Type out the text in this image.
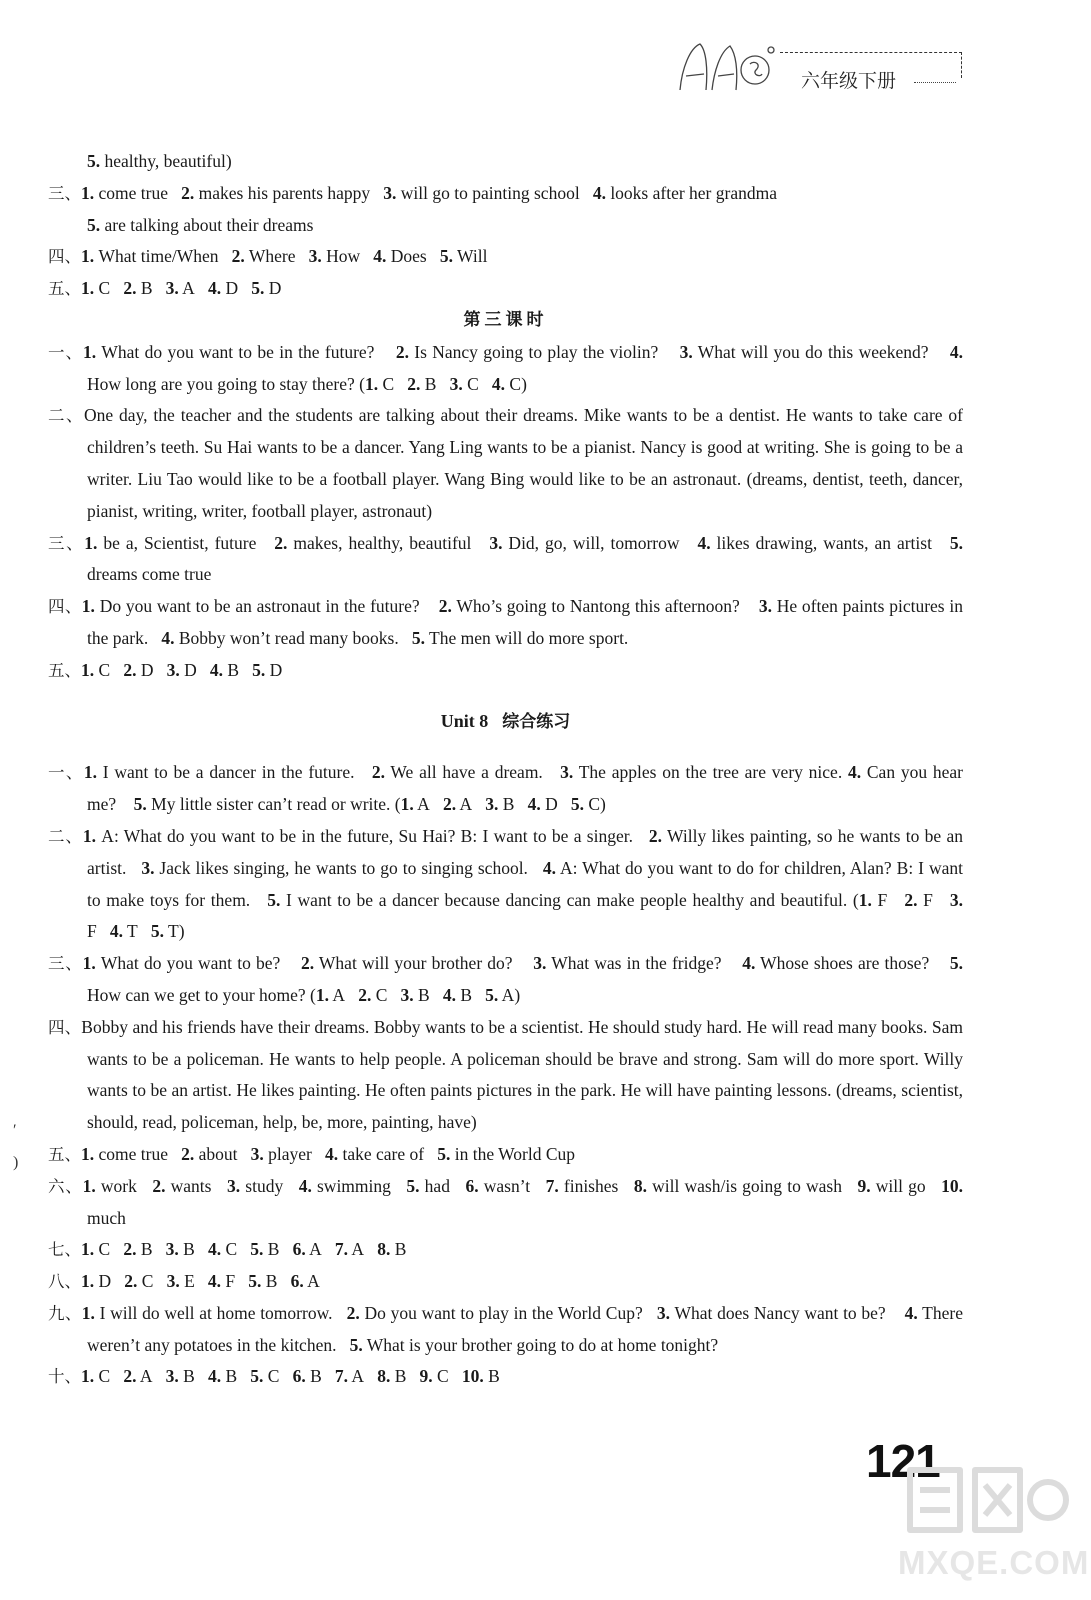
六年级下册
′
)
5. healthy, beautiful)
三、1. come true   2. makes his parents happy   3. will go to painting school   4. looks after her grandma
5. are talking about their dreams
四、1. What time/When   2. Where   3. How   4. Does   5. Will
五、1. C   2. B   3. A   4. D   5. D
第三课时
一、1. What do you want to be in the future?    2. Is Nancy going to play the violin?    3. What will you do this weekend?    4. How long are you going to stay there? (1. C   2. B   3. C   4. C)
二、One day, the teacher and the students are talking about their dreams. Mike wants to be a dentist. He wants to take care of children’s teeth. Su Hai wants to be a dancer. Yang Ling wants to be a pianist. Nancy is good at writing. She is going to be a writer. Liu Tao would like to be a football player. Wang Bing would like to be an astronaut. (dreams, dentist, teeth, dancer, pianist, writing, writer, football player, astronaut)
三、1. be a, Scientist, future   2. makes, healthy, beautiful   3. Did, go, will, tomorrow   4. likes drawing, wants, an artist   5. dreams come true
四、1. Do you want to be an astronaut in the future?    2. Who’s going to Nantong this afternoon?    3. He often paints pictures in the park.   4. Bobby won’t read many books.   5. The men will do more sport.
五、1. C   2. D   3. D   4. B   5. D
Unit 8 综合练习
一、1. I want to be a dancer in the future.   2. We all have a dream.   3. The apples on the tree are very nice. 4. Can you hear me?    5. My little sister can’t read or write. (1. A   2. A   3. B   4. D   5. C)
二、1. A: What do you want to be in the future, Su Hai? B: I want to be a singer.   2. Willy likes painting, so he wants to be an artist.   3. Jack likes singing, he wants to go to singing school.   4. A: What do you want to do for children, Alan? B: I want to make toys for them.   5. I want to be a dancer because dancing can make people healthy and beautiful. (1. F   2. F   3. F   4. T   5. T)
三、1. What do you want to be?    2. What will your brother do?    3. What was in the fridge?    4. Whose shoes are those?    5. How can we get to your home? (1. A   2. C   3. B   4. B   5. A)
四、Bobby and his friends have their dreams. Bobby wants to be a scientist. He should study hard. He will read many books. Sam wants to be a policeman. He wants to help people. A policeman should be brave and strong. Sam will do more sport. Willy wants to be an artist. He likes painting. He often paints pictures in the park. He will have painting lessons. (dreams, scientist, should, read, policeman, help, be, more, painting, have)
五、1. come true   2. about   3. player   4. take care of   5. in the World Cup
六、1. work   2. wants   3. study   4. swimming   5. had   6. wasn’t   7. finishes   8. will wash/is going to wash   9. will go   10. much
七、1. C   2. B   3. B   4. C   5. B   6. A   7. A   8. B
八、1. D   2. C   3. E   4. F   5. B   6. A
九、1. I will do well at home tomorrow.   2. Do you want to play in the World Cup?   3. What does Nancy want to be?    4. There weren’t any potatoes in the kitchen.   5. What is your brother going to do at home tonight?
十、1. C   2. A   3. B   4. B   5. C   6. B   7. A   8. B   9. C   10. B
121
MXQE.COM
